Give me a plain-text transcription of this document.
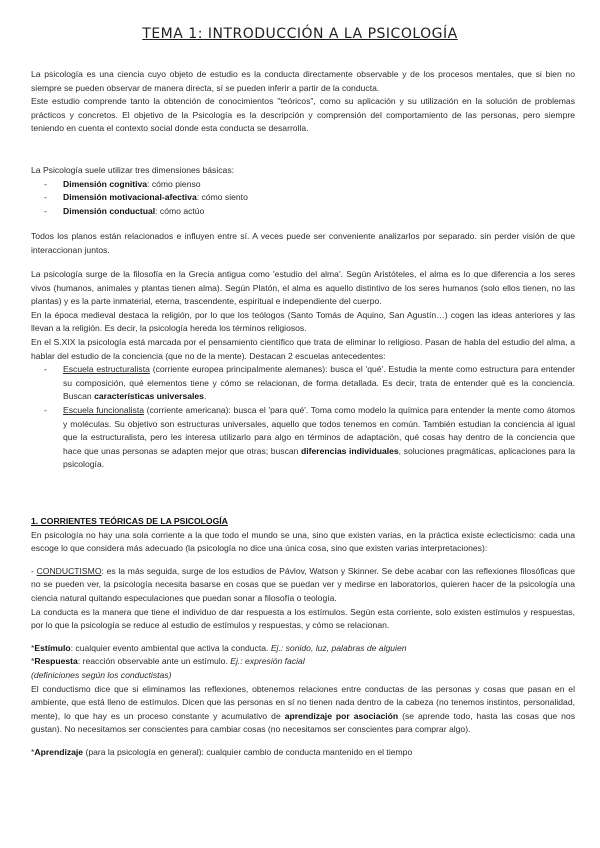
TEMA 1: INTRODUCCIÓN A LA PSICOLOGÍA

La psicología es una ciencia cuyo objeto de estudio es la conducta directamente observable y de los procesos mentales, que si bien no siempre se pueden observar de manera directa, sí se pueden inferir a partir de la conducta.

Este estudio comprende tanto la obtención de conocimientos "teóricos", como su aplicación y su utilización en la solución de problemas prácticos y concretos. El objetivo de la Psicología es la descripción y comprensión del comportamiento de las personas, pero siempre teniendo en cuenta el contexto social donde esta conducta se desarrolla.

La Psicología suele utilizar tres dimensiones básicas:

- Dimensión cognitiva: cómo pienso

- Dimensión motivacional-afectiva: cómo siento

- Dimensión conductual: cómo actúo

Todos los planos están relacionados e influyen entre sí. A veces puede ser conveniente analizarlos por separado. sin perder visión de que interaccionan juntos.

La psicología surge de la filosofía en la Grecia antigua como 'estudio del alma'. Según Aristóteles, el alma es lo que diferencia a los seres vivos (humanos, animales y plantas tienen alma). Según Platón, el alma es aquello distintivo de los seres humanos (solo ellos tienen, no las plantas) y es la parte inmaterial, eterna, trascendente, espiritual e independiente del cuerpo.

En la época medieval destaca la religión, por lo que los teólogos (Santo Tomás de Aquino, San Agustín…) cogen las ideas anteriores y las llevan a la religión. Es decir, la psicología hereda los términos religiosos.

En el S.XIX la psicología está marcada por el pensamiento científico que trata de eliminar lo religioso. Pasan de habla del estudio del alma, a hablar del estudio de la conciencia (que no de la mente). Destacan 2 escuelas antecedentes:

- Escuela estructuralista (corriente europea principalmente alemanes): busca el 'qué'. Estudia la mente como estructura para entender su composición, qué elementos tiene y cómo se relacionan, de forma detallada. Es decir, trata de entender qué es la conciencia. Buscan características universales.

- Escuela funcionalista (corriente americana): busca el 'para qué'. Toma como modelo la química para entender la mente como átomos y moléculas. Su objetivo son estructuras universales, aquello que todos tenemos en común. También estudian la conciencia al igual que la estructuralista, pero les interesa utilizarlo para algo en términos de adaptación, qué cosas hay dentro de la conciencia que hace que unas personas se adapten mejor que otras; buscan diferencias individuales, soluciones pragmáticas, aplicaciones para la psicología.

1. CORRIENTES TEÓRICAS DE LA PSICOLOGÍA

En psicología no hay una sola corriente a la que todo el mundo se una, sino que existen varias, en la práctica existe eclecticismo: cada una escoge lo que considera más adecuado (la psicología no dice una única cosa, sino que existen varias interpretaciones):

- CONDUCTISMO: es la más seguida, surge de los estudios de Pávlov, Watson y Skinner. Se debe acabar con las reflexiones filosóficas que no se pueden ver, la psicología necesita basarse en cosas que se puedan ver y medirse en laboratorios, quieren hacer de la psicología una ciencia natural quitando especulaciones que puedan sonar a filosofía o teología.

La conducta es la manera que tiene el individuo de dar respuesta a los estímulos. Según esta corriente, solo existen estímulos y respuestas, por lo que la psicología se reduce al estudio de estímulos y respuestas, y cómo se relacionan.

*Estímulo: cualquier evento ambiental que activa la conducta. Ej.: sonido, luz, palabras de alguien

*Respuesta: reacción observable ante un estímulo. Ej.: expresión facial

(definiciones según los conductistas)

El conductismo dice que si eliminamos las reflexiones, obtenemos relaciones entre conductas de las personas y cosas que pasan en el ambiente, que está lleno de estímulos. Dicen que las personas en sí no tienen nada dentro de la cabeza (no tenemos instintos, personalidad, mente), lo que hay es un proceso constante y acumulativo de aprendizaje por asociación (se aprende todo, hasta las cosas que nos gustan). No necesitamos ser conscientes para cambiar cosas (no necesitamos ser conscientes para comprar algo).

*Aprendizaje (para la psicología en general): cualquier cambio de conducta mantenido en el tiempo
